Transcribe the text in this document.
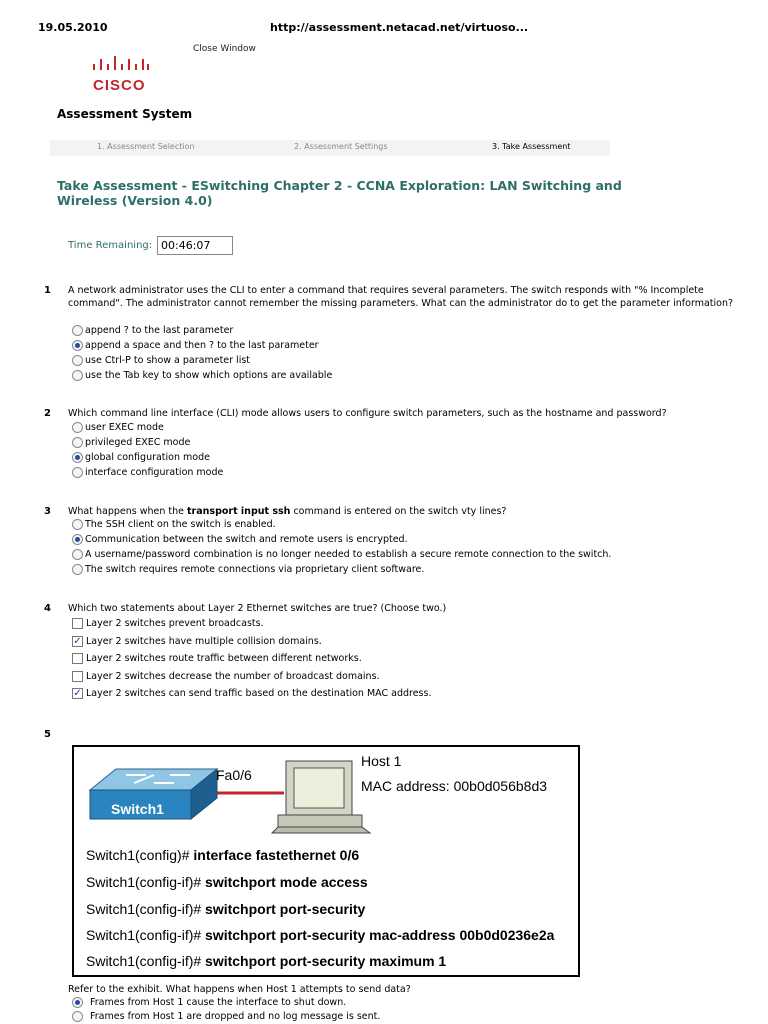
19.05.2010	http://assessment.netacad.net/virtuoso...
CISCO
Close Window
Assessment System
1. Assessment Selection	2. Assessment Settings	3. Take Assessment
Take Assessment - ESwitching Chapter 2 - CCNA Exploration: LAN Switching and Wireless (Version 4.0)
Time Remaining: 00:46:07
1 A network administrator uses the CLI to enter a command that requires several parameters. The switch responds with "% Incomplete command". The administrator cannot remember the missing parameters. What can the administrator do to get the parameter information?
append ? to the last parameter
append a space and then ? to the last parameter
use Ctrl-P to show a parameter list
use the Tab key to show which options are available
2 Which command line interface (CLI) mode allows users to configure switch parameters, such as the hostname and password?
user EXEC mode
privileged EXEC mode
global configuration mode
interface configuration mode
3 What happens when the transport input ssh command is entered on the switch vty lines?
The SSH client on the switch is enabled.
Communication between the switch and remote users is encrypted.
A username/password combination is no longer needed to establish a secure remote connection to the switch.
The switch requires remote connections via proprietary client software.
4 Which two statements about Layer 2 Ethernet switches are true? (Choose two.)
Layer 2 switches prevent broadcasts.
✓ Layer 2 switches have multiple collision domains.
Layer 2 switches route traffic between different networks.
Layer 2 switches decrease the number of broadcast domains.
✓ Layer 2 switches can send traffic based on the destination MAC address.
5
Switch1
Fa0/6
Host 1
MAC address: 00b0d056b8d3
Switch1(config)# interface fastethernet 0/6
Switch1(config-if)# switchport mode access
Switch1(config-if)# switchport port-security
Switch1(config-if)# switchport port-security mac-address 00b0d0236e2a
Switch1(config-if)# switchport port-security maximum 1
Refer to the exhibit. What happens when Host 1 attempts to send data?
Frames from Host 1 cause the interface to shut down.
Frames from Host 1 are dropped and no log message is sent.
